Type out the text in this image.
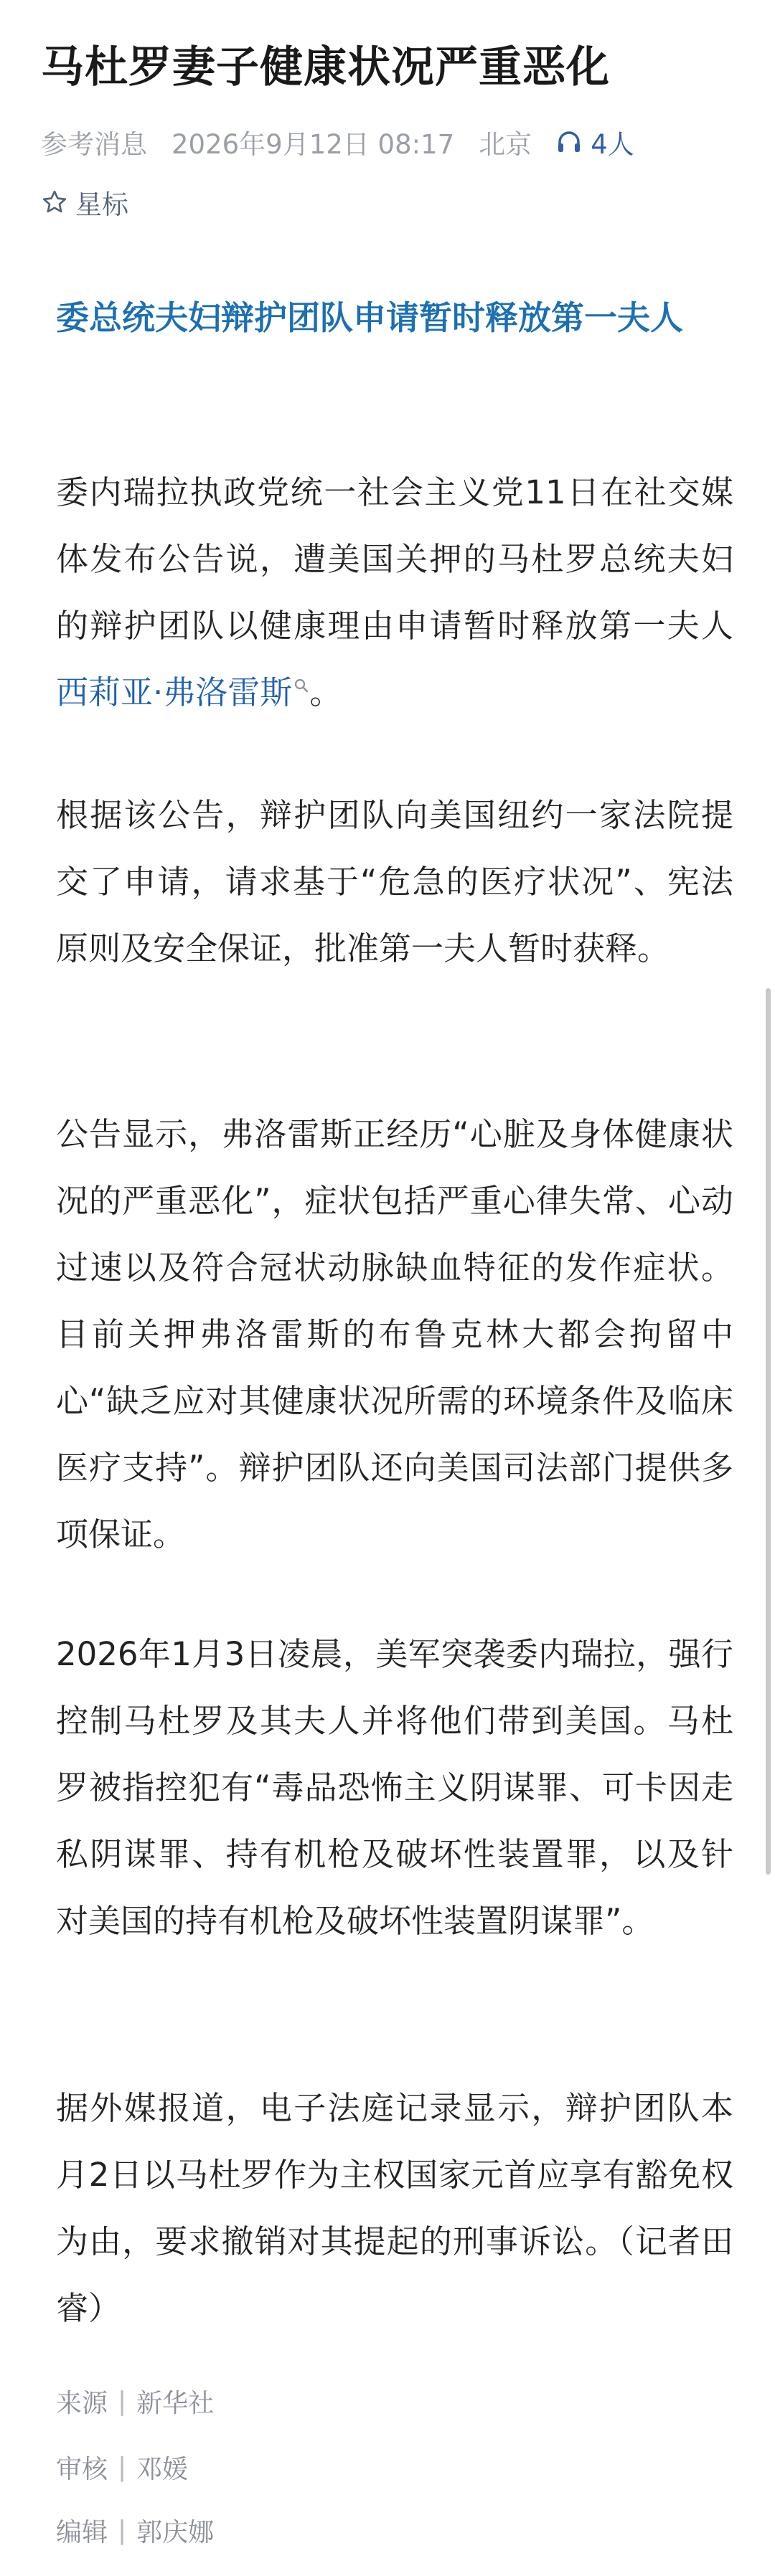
马杜罗妻子健康状况严重恶化
参考消息 2026年9月12日 08:17 北京 4人
星标
委总统夫妇辩护团队申请暂时释放第一夫人

委内瑞拉执政党统一社会主义党11日在社交媒体发布公告说，遭美国关押的马杜罗总统夫妇的辩护团队以健康理由申请暂时释放第一夫人西莉亚·弗洛雷斯 。

根据该公告，辩护团队向美国纽约一家法院提交了申请，请求基于“危急的医疗状况”、宪法原则及安全保证，批准第一夫人暂时获释。

公告显示，弗洛雷斯正经历“心脏及身体健康状况的严重恶化”，症状包括严重心律失常、心动过速以及符合冠状动脉缺血特征的发作症状。目前关押弗洛雷斯的布鲁克林大都会拘留中心“缺乏应对其健康状况所需的环境条件及临床医疗支持”。辩护团队还向美国司法部门提供多项保证。

2026年1月3日凌晨，美军突袭委内瑞拉，强行控制马杜罗及其夫人并将他们带到美国。马杜罗被指控犯有“毒品恐怖主义阴谋罪、可卡因走私阴谋罪、持有机枪及破坏性装置罪，以及针对美国的持有机枪及破坏性装置阴谋罪”。

据外媒报道，电子法庭记录显示，辩护团队本月2日以马杜罗作为主权国家元首应享有豁免权为由，要求撤销对其提起的刑事诉讼。（记者田睿）

来源 | 新华社
审核 | 邓媛
编辑 | 郭庆娜
